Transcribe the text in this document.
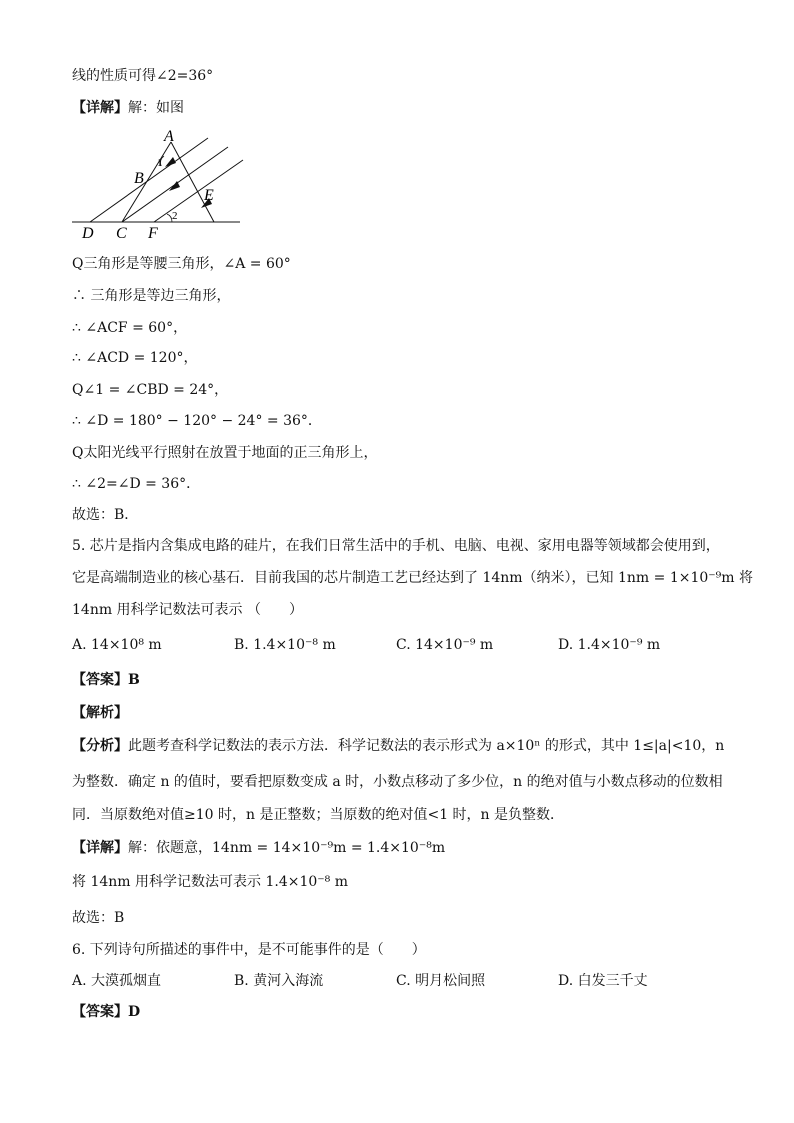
线的性质可得∠2=36°
【详解】解：如图
A
1
B
E
2
D C F
Q三角形是等腰三角形，∠A = 60°
∴ 三角形是等边三角形，
∴ ∠ACF = 60°，
∴ ∠ACD = 120°，
Q∠1 = ∠CBD = 24°，
∴ ∠D = 180° − 120° − 24° = 36°．
Q太阳光线平行照射在放置于地面的正三角形上，
∴ ∠2=∠D = 36°．
故选：B．
5. 芯片是指内含集成电路的硅片，在我们日常生活中的手机、电脑、电视、家用电器等领域都会使用到，
它是高端制造业的核心基石．目前我国的芯片制造工艺已经达到了 14nm（纳米），已知 1nm = 1×10⁻⁹m 将
14nm 用科学记数法可表示 （　　）
A. 14×10⁸ m	B. 1.4×10⁻⁸ m	C. 14×10⁻⁹ m	D. 1.4×10⁻⁹ m
【答案】B
【解析】
【分析】此题考查科学记数法的表示方法．科学记数法的表示形式为 a×10ⁿ 的形式，其中 1≤|a|<10，n
为整数．确定 n 的值时，要看把原数变成 a 时，小数点移动了多少位，n 的绝对值与小数点移动的位数相
同．当原数绝对值≥10 时，n 是正整数；当原数的绝对值<1 时，n 是负整数．
【详解】解：依题意，14nm = 14×10⁻⁹m = 1.4×10⁻⁸m
将 14nm 用科学记数法可表示 1.4×10⁻⁸ m
故选：B
6. 下列诗句所描述的事件中，是不可能事件的是（　　）
A. 大漠孤烟直	B. 黄河入海流	C. 明月松间照	D. 白发三千丈
【答案】D
